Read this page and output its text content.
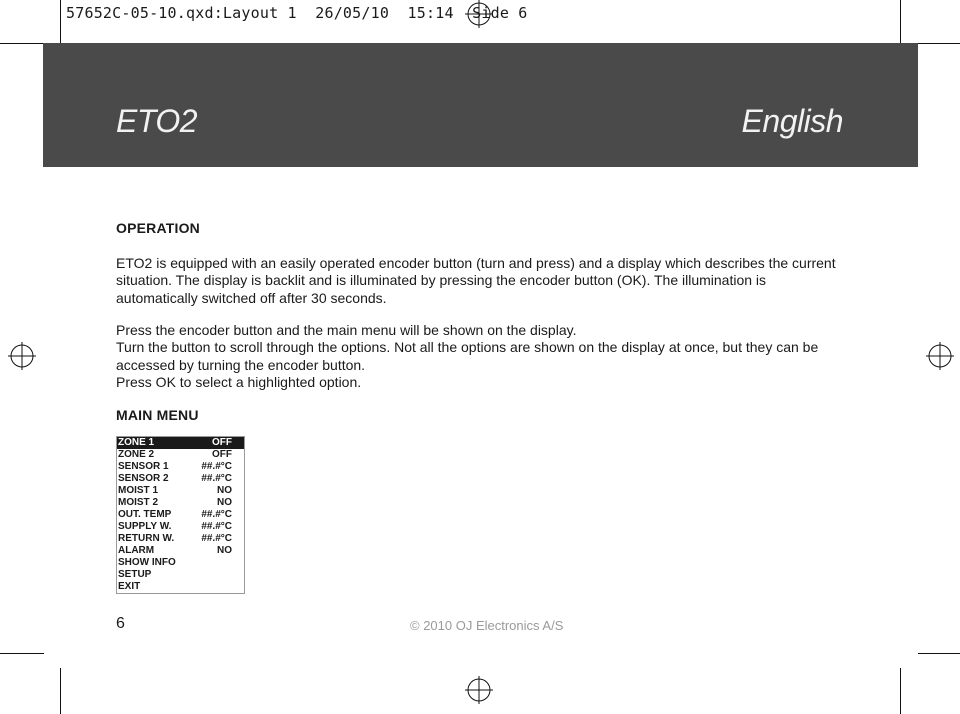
57652C-05-10.qxd:Layout 1  26/05/10  15:14  Side 6
ETO2	English
OPERATION

ETO2 is equipped with an easily operated encoder button (turn and press) and a display which describes the current situation. The display is backlit and is illuminated by pressing the encoder button (OK). The illumination is automatically switched off after 30 seconds.

Press the encoder button and the main menu will be shown on the display.
Turn the button to scroll through the options. Not all the options are shown on the display at once, but they can be accessed by turning the encoder button.
Press OK to select a highlighted option.

MAIN MENU
ZONE 1	OFF
ZONE 2	OFF
SENSOR 1	##.#°C
SENSOR 2	##.#°C
MOIST 1	NO
MOIST 2	NO
OUT. TEMP	##.#°C
SUPPLY W.	##.#°C
RETURN W.	##.#°C
ALARM	NO
SHOW INFO
SETUP
EXIT
6	© 2010 OJ Electronics A/S
